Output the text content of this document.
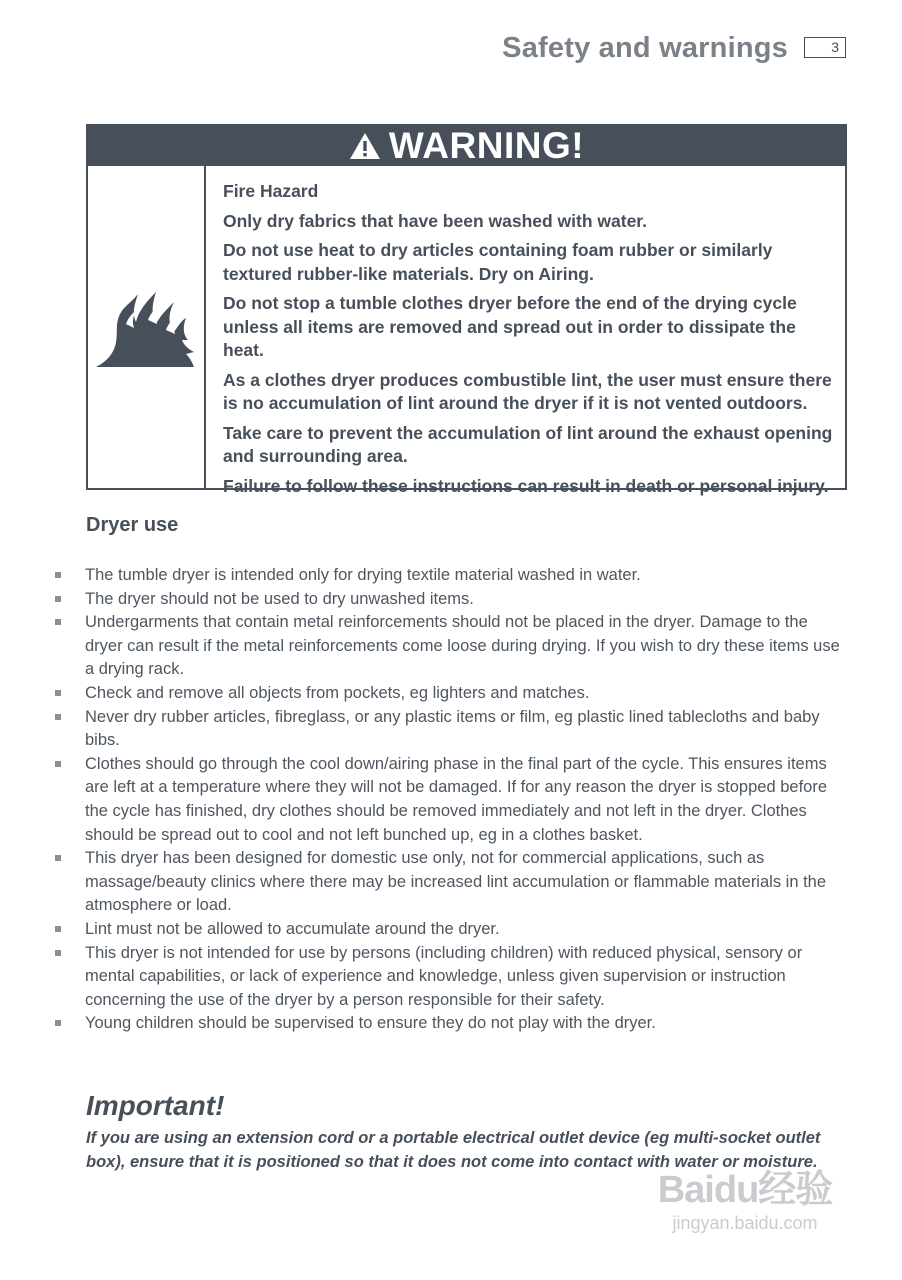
Safety and warnings	3
WARNING!

Fire Hazard

Only dry fabrics that have been washed with water.

Do not use heat to dry articles containing foam rubber or similarly textured rubber-like materials. Dry on Airing.

Do not stop a tumble clothes dryer before the end of the drying cycle unless all items are removed and spread out in order to dissipate the heat.

As a clothes dryer produces combustible lint, the user must ensure there is no accumulation of lint around the dryer if it is not vented outdoors.

Take care to prevent the accumulation of lint around the exhaust opening and surrounding area.

Failure to follow these instructions can result in death or personal injury.

Dryer use
The tumble dryer is intended only for drying textile material washed in water.
The dryer should not be used to dry unwashed items.
Undergarments that contain metal reinforcements should not be placed in the dryer. Damage to the dryer can result if the metal reinforcements come loose during drying. If you wish to dry these items use a drying rack.
Check and remove all objects from pockets, eg lighters and matches.
Never dry rubber articles, fibreglass, or any plastic items or film, eg plastic lined tablecloths and baby bibs.
Clothes should go through the cool down/airing phase in the final part of the cycle. This ensures items are left at a temperature where they will not be damaged. If for any reason the dryer is stopped before the cycle has finished, dry clothes should be removed immediately and not left in the dryer. Clothes should be spread out to cool and not left bunched up, eg in a clothes basket.
This dryer has been designed for domestic use only, not for commercial applications, such as massage/beauty clinics where there may be increased lint accumulation or flammable materials in the atmosphere or load.
Lint must not be allowed to accumulate around the dryer.
This dryer is not intended for use by persons (including children) with reduced physical, sensory or mental capabilities, or lack of experience and knowledge, unless given supervision or instruction concerning the use of the dryer by a person responsible for their safety.
Young children should be supervised to ensure they do not play with the dryer.
Important!
If you are using an extension cord or a portable electrical outlet device (eg multi-socket outlet box), ensure that it is positioned so that it does not come into contact with water or moisture.
Baidu经验
jingyan.baidu.com
